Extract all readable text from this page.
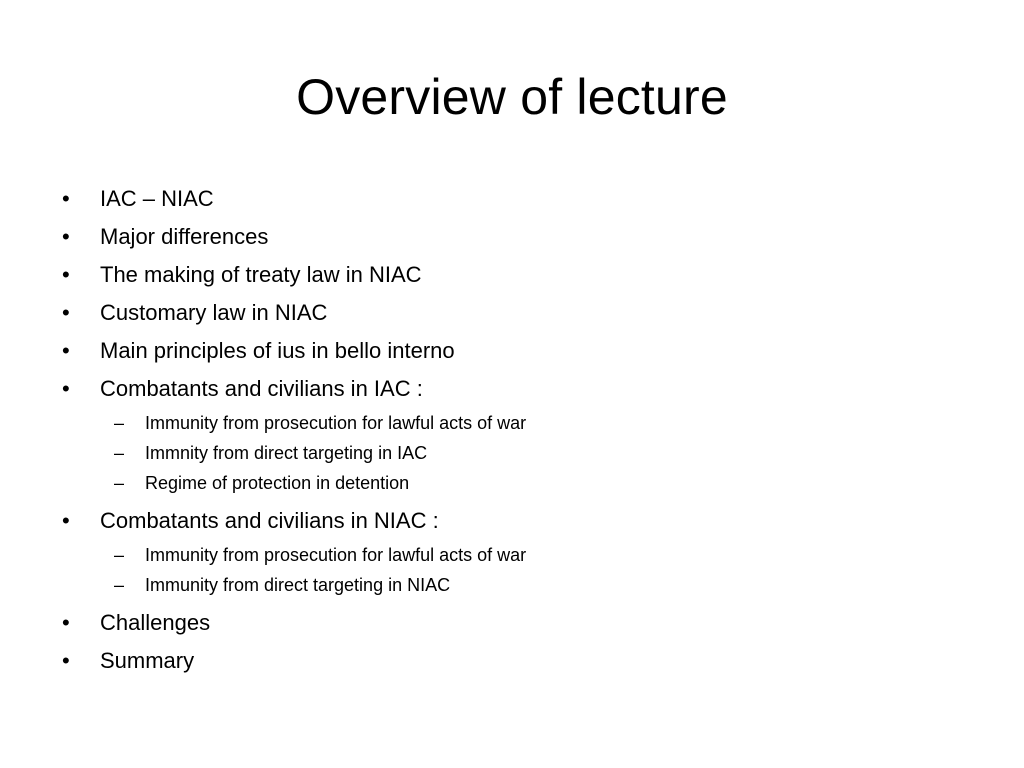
Overview of lecture
•	IAC – NIAC
•	Major differences
•	The making of treaty law in NIAC
•	Customary law in NIAC
•	Main principles of ius in bello interno
•	Combatants and civilians in IAC :
–	Immunity from prosecution for lawful acts of war
–	Immnity from direct targeting in IAC
–	Regime of protection in detention
•	Combatants and civilians in NIAC :
–	Immunity from prosecution for lawful acts of war
–	Immunity from direct targeting in NIAC
•	Challenges
•	Summary
